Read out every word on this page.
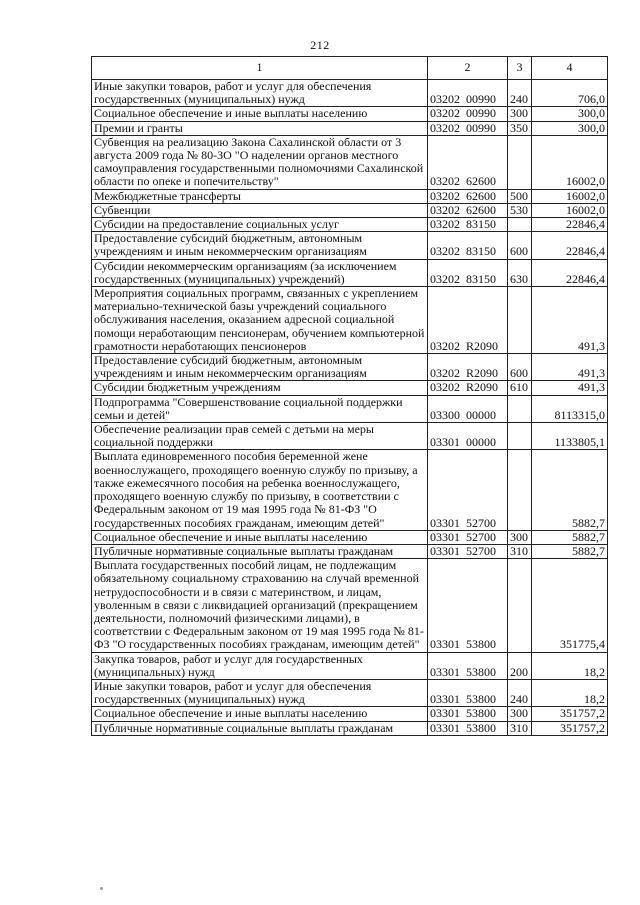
212
1	2	3	4
Иные закупки товаров, работ и услуг для обеспечения государственных (муниципальных) нужд	03202  00990	240	706,0
Социальное обеспечение и иные выплаты населению	03202  00990	300	300,0
Премии и гранты	03202  00990	350	300,0
Субвенция на реализацию Закона Сахалинской области от 3 августа 2009 года № 80-ЗО "О наделении органов местного самоуправления государственными полномочиями Сахалинской области по опеке и попечительству"	03202  62600		16002,0
Межбюджетные трансферты	03202  62600	500	16002,0
Субвенции	03202  62600	530	16002,0
Субсидии на предоставление социальных услуг	03202  83150		22846,4
Предоставление субсидий бюджетным, автономным учреждениям и иным некоммерческим организациям	03202  83150	600	22846,4
Субсидии некоммерческим организациям (за исключением государственных (муниципальных) учреждений)	03202  83150	630	22846,4
Мероприятия социальных программ, связанных с укреплением материально-технической базы учреждений социального обслуживания населения, оказанием адресной социальной помощи неработающим пенсионерам, обучением компьютерной грамотности неработающих пенсионеров	03202  R2090		491,3
Предоставление субсидий бюджетным, автономным учреждениям и иным некоммерческим организациям	03202  R2090	600	491,3
Субсидии бюджетным учреждениям	03202  R2090	610	491,3
Подпрограмма "Совершенствование социальной поддержки семьи и детей"	03300  00000		8113315,0
Обеспечение реализации прав семей с детьми на меры социальной поддержки	03301  00000		1133805,1
Выплата единовременного пособия беременной жене военнослужащего, проходящего военную службу по призыву, а также ежемесячного пособия на ребенка военнослужащего, проходящего военную службу по призыву, в соответствии с Федеральным законом от 19 мая 1995 года № 81-ФЗ "О государственных пособиях гражданам, имеющим детей"	03301  52700		5882,7
Социальное обеспечение и иные выплаты населению	03301  52700	300	5882,7
Публичные нормативные социальные выплаты гражданам	03301  52700	310	5882,7
Выплата государственных пособий лицам, не подлежащим обязательному социальному страхованию на случай временной нетрудоспособности и в связи с материнством, и лицам, уволенным в связи с ликвидацией организаций (прекращением деятельности, полномочий физическими лицами), в соответствии с Федеральным законом от 19 мая 1995 года № 81-ФЗ "О государственных пособиях гражданам, имеющим детей"	03301  53800		351775,4
Закупка товаров, работ и услуг для государственных (муниципальных) нужд	03301  53800	200	18,2
Иные закупки товаров, работ и услуг для обеспечения государственных (муниципальных) нужд	03301  53800	240	18,2
Социальное обеспечение и иные выплаты населению	03301  53800	300	351757,2
Публичные нормативные социальные выплаты гражданам	03301  53800	310	351757,2
